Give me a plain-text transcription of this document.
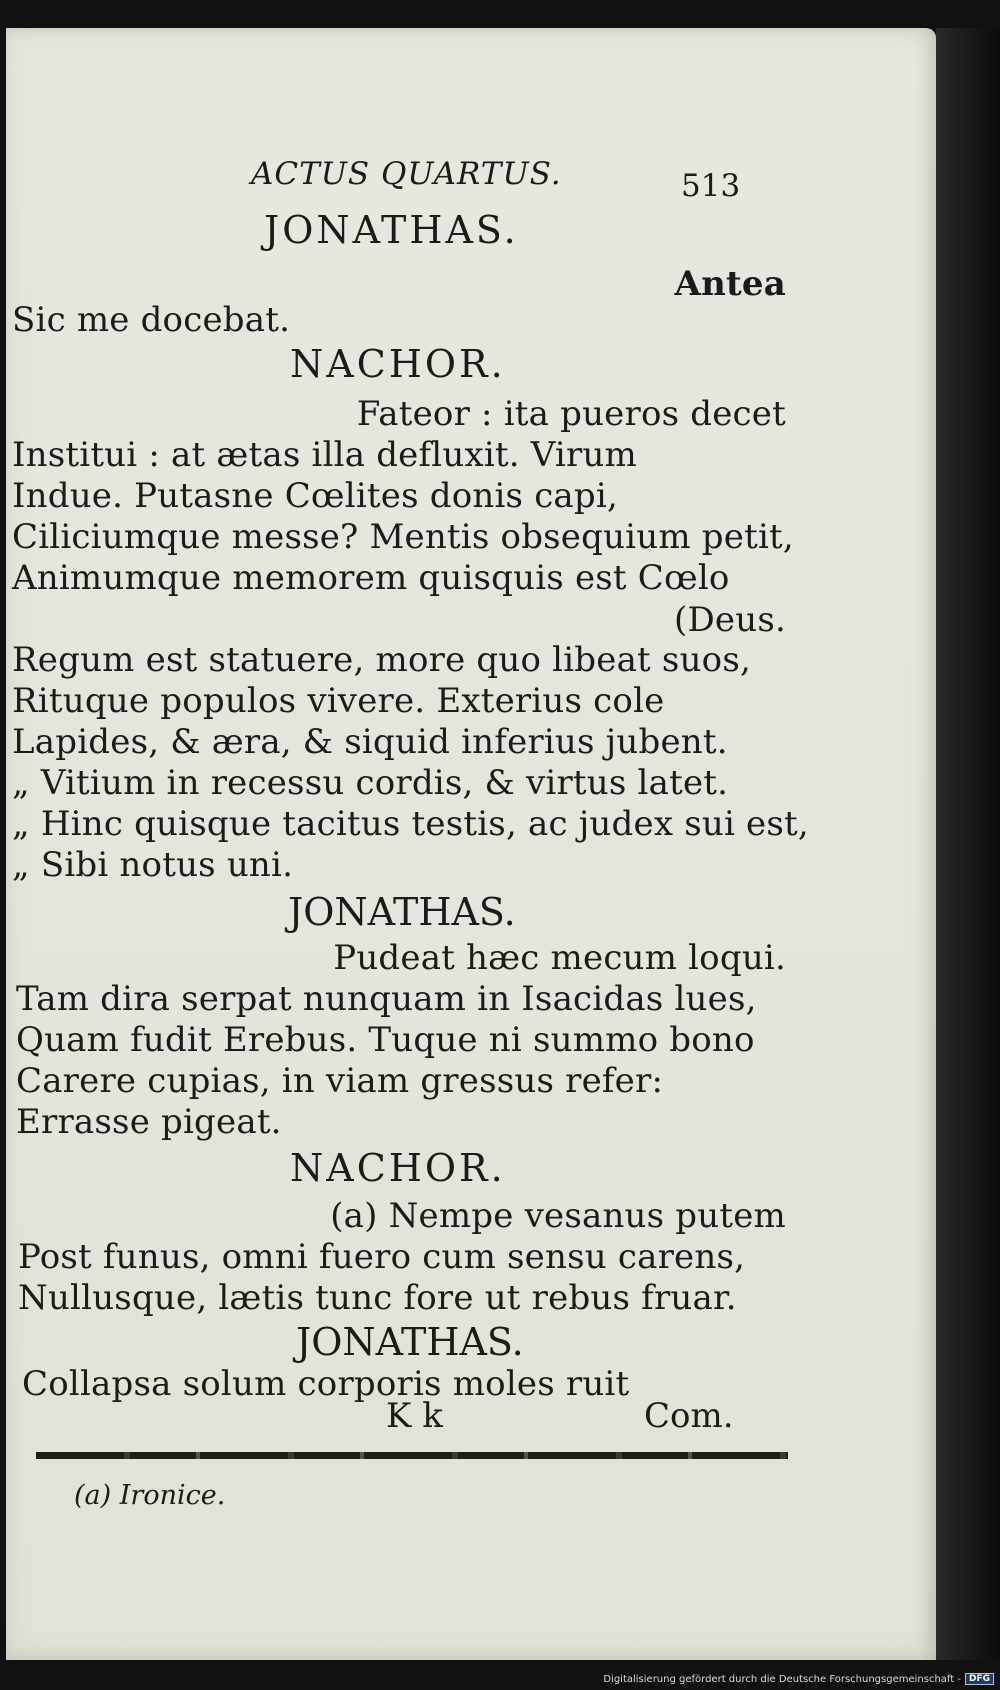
ACTUS QUARTUS.	513
JONATHAS.
Antea
Sic me docebat.
NACHOR.
Fateor : ita pueros decet
Institui : at ætas illa defluxit. Virum
Indue. Putasne Cœlites donis capi,
Ciliciumque messe? Mentis obsequium petit,
Animumque memorem quisquis est Cœlo
(Deus.
Regum est statuere, more quo libeat suos,
Rituque populos vivere. Exterius cole
Lapides, & æra, & siquid inferius jubent.
„ Vitium in recessu cordis, & virtus latet.
„ Hinc quisque tacitus testis, ac judex sui est,
„ Sibi notus uni.
JONATHAS.
Pudeat hæc mecum loqui.
Tam dira serpat nunquam in Isacidas lues,
Quam fudit Erebus. Tuque ni summo bono
Carere cupias, in viam gressus refer:
Errasse pigeat.
NACHOR.
(a) Nempe vesanus putem
Post funus, omni fuero cum sensu carens,
Nullusque, lætis tunc fore ut rebus fruar.
JONATHAS.
Collapsa solum corporis moles ruit
K k	Com.
(a) Ironice.
Digitalisierung gefördert durch die Deutsche Forschungsgemeinschaft - DFG
